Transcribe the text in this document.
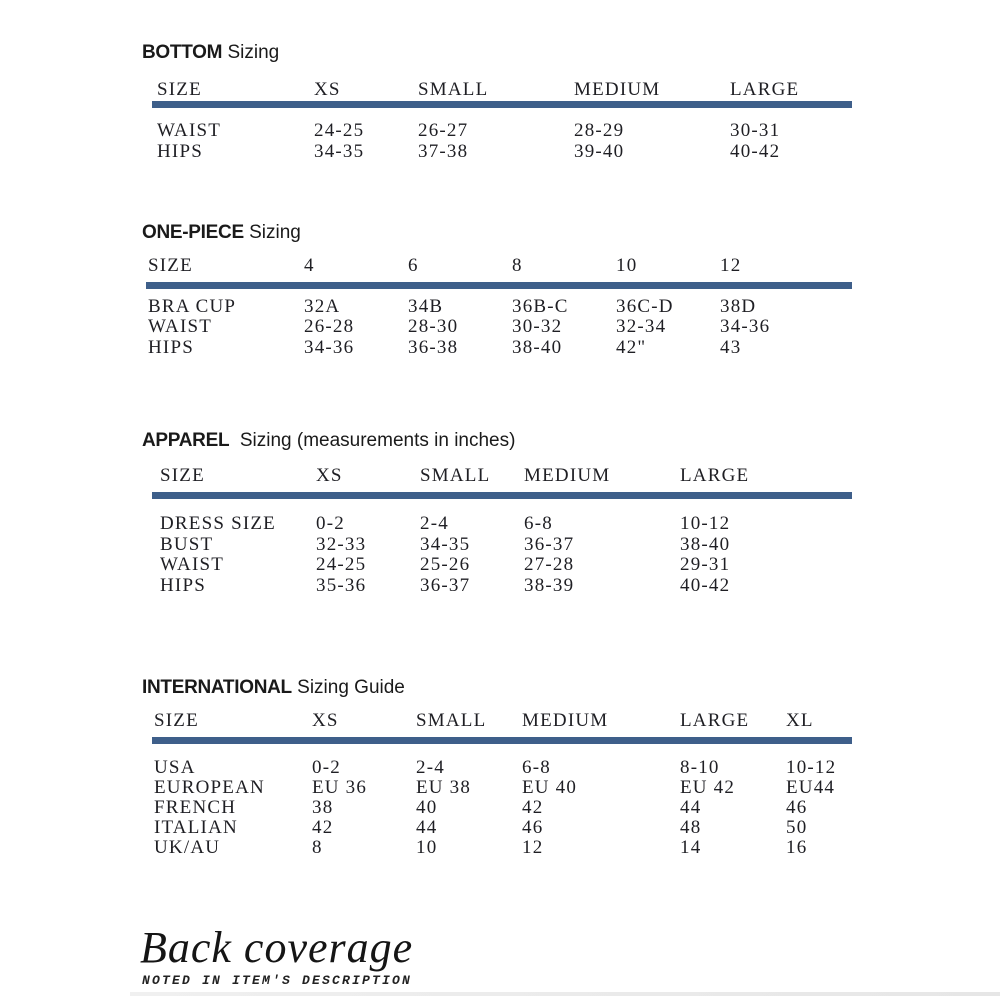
BOTTOM Sizing
SIZE	XS	SMALL	MEDIUM	LARGE
WAIST	24-25	26-27	28-29	30-31
HIPS	34-35	37-38	39-40	40-42
ONE-PIECE Sizing
SIZE	4	6	8	10	12
BRA CUP	32A	34B	36B-C 36C-D 38D
WAIST	26-28	28-30	30-32	32-34	34-36
HIPS	34-36	36-38	38-40	42"	43
APPAREL Sizing (measurements in inches)
SIZE	XS	SMALL MEDIUM	LARGE
DRESS SIZE 0-2	2-4	6-8	10-12
BUST	32-33	34-35	36-37	38-40
WAIST	24-25	25-26	27-28	29-31
HIPS	35-36	36-37	38-39	40-42
INTERNATIONAL Sizing Guide
SIZE	XS	SMALL MEDIUM	LARGE XL
USA	0-2	2-4	6-8	8-10	10-12
EUROPEAN EU 36	EU 38	EU 40	EU 42	EU44
FRENCH	38	40	42	44	46
ITALIAN	42	44	46	48	50
UK/AU	8	10	12	14	16
Back coverage
NOTED IN ITEM'S DESCRIPTION
